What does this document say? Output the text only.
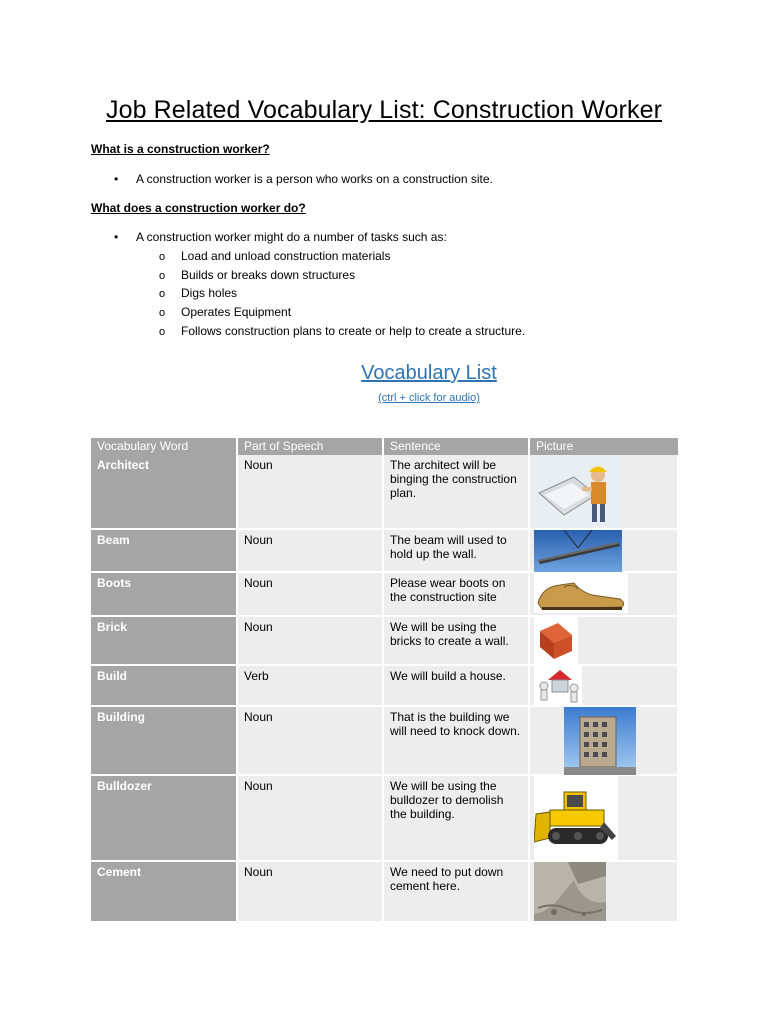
Job Related Vocabulary List: Construction Worker
What is a construction worker?
• A construction worker is a person who works on a construction site.
What does a construction worker do?
• A construction worker might do a number of tasks such as:
o Load and unload construction materials
o Builds or breaks down structures
o Digs holes
o Operates Equipment
o Follows construction plans to create or help to create a structure.
Vocabulary List
(ctrl + click for audio)
Vocabulary Word	Part of Speech	Sentence	Picture
Architect	Noun	The architect will be binging the construction plan.	

Beam	Noun	The beam will used to hold up the wall.	

Boots	Noun	Please wear boots on the construction site	

Brick	Noun	We will be using the bricks to create a wall.	

Build	Verb	We will build a house.	

Building	Noun	That is the building we will need to knock down.	

Bulldozer	Noun	We will be using the bulldozer to demolish the building.	

Cement	Noun	We need to put down cement here.	
